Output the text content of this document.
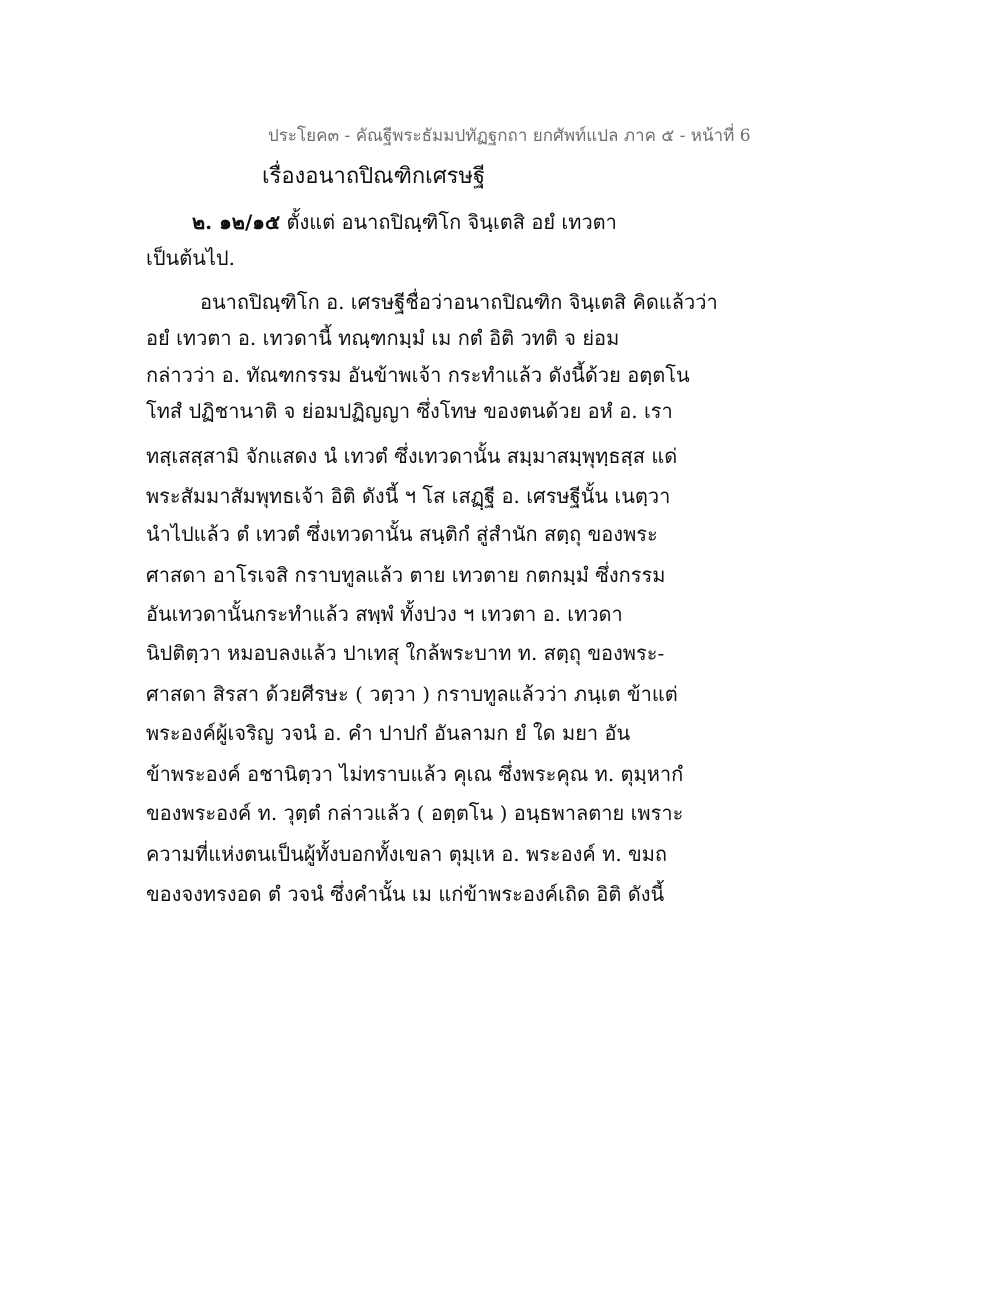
ประโยค๓ - คัณฐีพระธัมมปทัฏฐกถา ยกศัพท์แปล ภาค ๕ - หน้าที่ 6
เรื่องอนาถปิณฑิกเศรษฐี
๒. ๑๒/๑๕ ตั้งแต่ อนาถปิณฺฑิโก จินฺเตสิ อยํ เทวตา
เป็นต้นไป.
อนาถปิณฺฑิโก อ. เศรษฐีชื่อว่าอนาถปิณฑิก จินฺเตสิ คิดแล้วว่า
อยํ เทวตา อ. เทวดานี้ ทณฺฑกมฺมํ เม กตํ อิติ วทติ จ ย่อม
กล่าวว่า อ. ทัณฑกรรม อันข้าพเจ้า กระทำแล้ว ดังนี้ด้วย อตฺตโน
โทสํ ปฏิชานาติ จ ย่อมปฏิญญา ซึ่งโทษ ของตนด้วย อหํ อ. เรา
ทสฺเสสฺสามิ จักแสดง นํ เทวตํ ซึ่งเทวดานั้น สมฺมาสมฺพุทฺธสฺส แด่
พระสัมมาสัมพุทธเจ้า อิติ ดังนี้ ฯ โส เสฏฺฐี อ. เศรษฐีนั้น เนตฺวา
นำไปแล้ว ตํ เทวตํ ซึ่งเทวดานั้น สนฺติกํ สู่สำนัก สตฺถุ ของพระ
ศาสดา อาโรเจสิ กราบทูลแล้ว ตาย เทวตาย กตกมฺมํ ซึ่งกรรม
อันเทวดานั้นกระทำแล้ว สพฺพํ ทั้งปวง ฯ เทวตา อ. เทวดา
นิปติตฺวา หมอบลงแล้ว ปาเทสุ ใกล้พระบาท ท. สตฺถุ ของพระ-
ศาสดา สิรสา ด้วยศีรษะ ( วตฺวา ) กราบทูลแล้วว่า ภนฺเต ข้าแต่
พระองค์ผู้เจริญ วจนํ อ. คำ ปาปกํ อันลามก ยํ ใด มยา อัน
ข้าพระองค์ อชานิตฺวา ไม่ทราบแล้ว คุเณ ซึ่งพระคุณ ท. ตุมฺหากํ
ของพระองค์ ท. วุตฺตํ กล่าวแล้ว ( อตฺตโน ) อนฺธพาลตาย เพราะ
ความที่แห่งตนเป็นผู้ทั้งบอกทั้งเขลา ตุมฺเห อ. พระองค์ ท. ขมถ
ของจงทรงอด ตํ วจนํ ซึ่งคำนั้น เม แก่ข้าพระองค์เถิด อิติ ดังนี้
